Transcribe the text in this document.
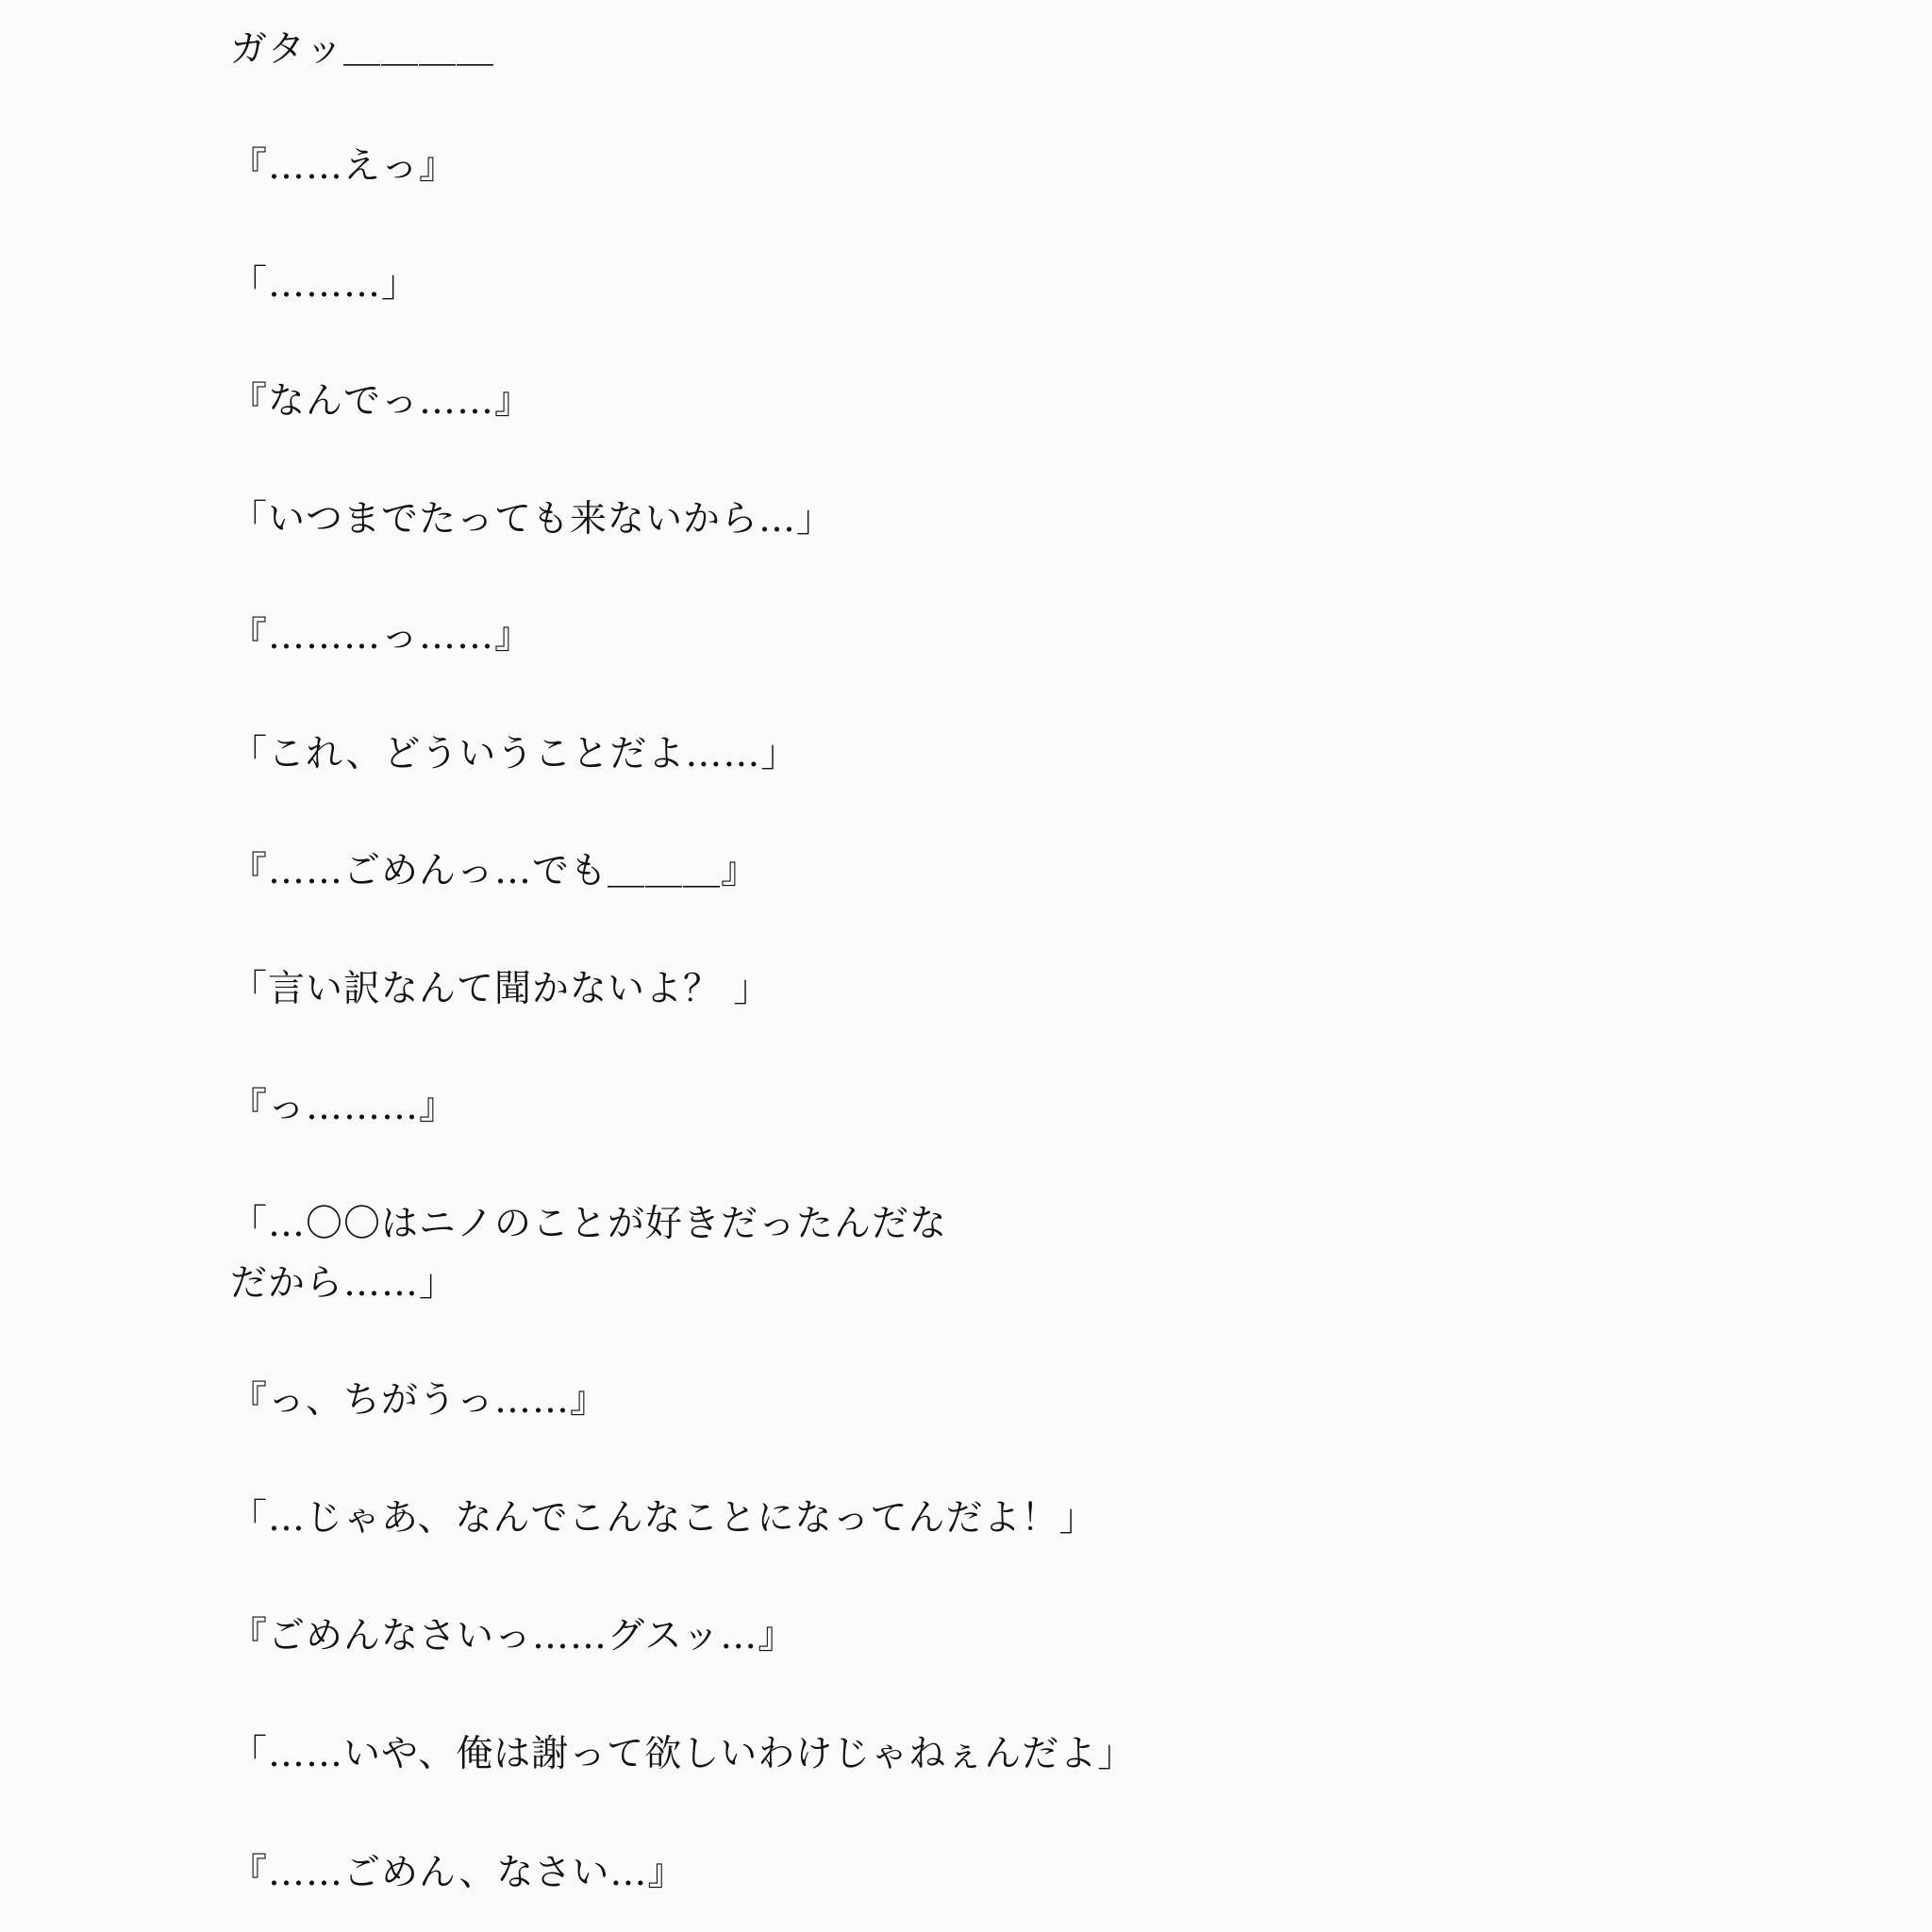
ガタッ＿＿＿＿
『……えっ』
「………」
『なんでっ……』
「いつまでたっても来ないから…」
『………っ……』
「これ、どういうことだよ……」
『……ごめんっ…でも＿＿＿』
「言い訳なんて聞かないよ？ 」
『っ………』
「…〇〇はニノのことが好きだったんだな
だから……」
『っ、ちがうっ……』
「…じゃあ、なんでこんなことになってんだよ！」
『ごめんなさいっ……グスッ…』
「……いや、俺は謝って欲しいわけじゃねぇんだよ」
『……ごめん、なさい…』
